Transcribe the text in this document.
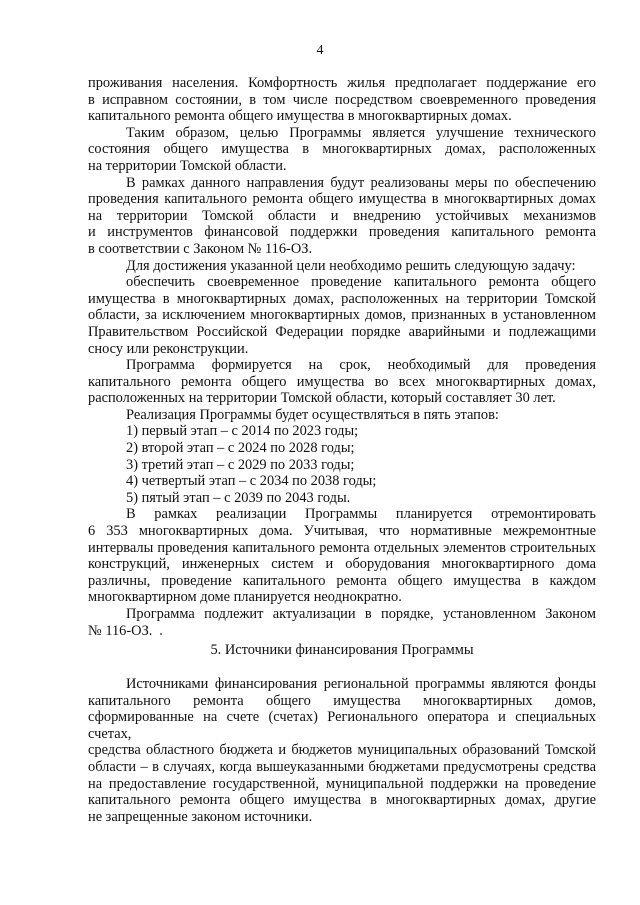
4

проживания населения. Комфортность жилья предполагает поддержание его
в исправном состоянии, в том числе посредством своевременного проведения
капитального ремонта общего имущества в многоквартирных домах.

Таким образом, целью Программы является улучшение технического
состояния общего имущества в многоквартирных домах, расположенных
на территории Томской области.

В рамках данного направления будут реализованы меры по обеспечению
проведения капитального ремонта общего имущества в многоквартирных домах
на территории Томской области и внедрению устойчивых механизмов
и инструментов финансовой поддержки проведения капитального ремонта
в соответствии с Законом № 116-ОЗ.

Для достижения указанной цели необходимо решить следующую задачу:

обеспечить своевременное проведение капитального ремонта общего
имущества в многоквартирных домах, расположенных на территории Томской
области, за исключением многоквартирных домов, признанных в установленном
Правительством Российской Федерации порядке аварийными и подлежащими
сносу или реконструкции.

Программа формируется на срок, необходимый для проведения
капитального ремонта общего имущества во всех многоквартирных домах,
расположенных на территории Томской области, который составляет 30 лет.

Реализация Программы будет осуществляться в пять этапов:

1) первый этап – с 2014 по 2023 годы;

2) второй этап – с 2024 по 2028 годы;

3) третий этап – с 2029 по 2033 годы;

4) четвертый этап – с 2034 по 2038 годы;

5) пятый этап – с 2039 по 2043 годы.

В рамках реализации Программы планируется отремонтировать
6 353 многоквартирных дома. Учитывая, что нормативные межремонтные
интервалы проведения капитального ремонта отдельных элементов строительных
конструкций, инженерных систем и оборудования многоквартирного дома
различны, проведение капитального ремонта общего имущества в каждом
многоквартирном доме планируется неоднократно.

Программа подлежит актуализации в порядке, установленном Законом
№ 116-ОЗ.

5. Источники финансирования Программы

Источниками финансирования региональной программы являются фонды
капитального ремонта общего имущества многоквартирных домов,
сформированные на счете (счетах) Регионального оператора и специальных счетах,
средства областного бюджета и бюджетов муниципальных образований Томской
области – в случаях, когда вышеуказанными бюджетами предусмотрены средства
на предоставление государственной, муниципальной поддержки на проведение
капитального ремонта общего имущества в многоквартирных домах, другие
не запрещенные законом источники.
